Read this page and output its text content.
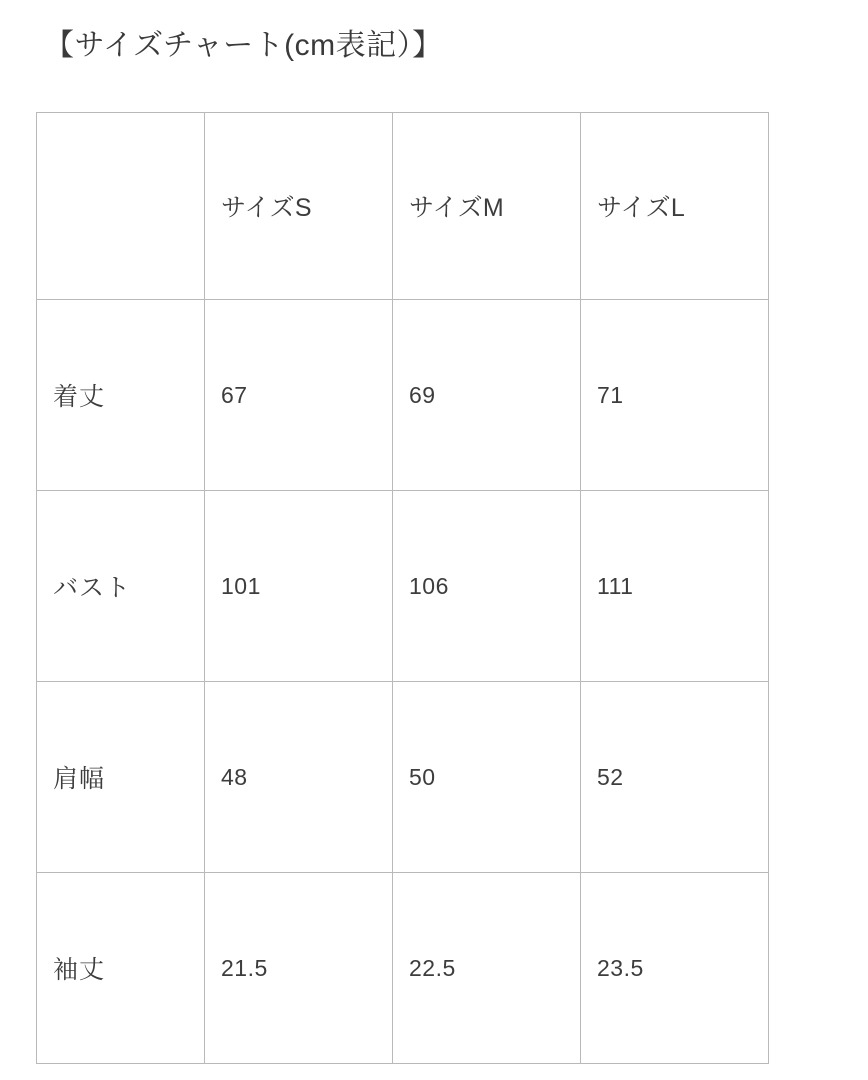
【サイズチャート(cm表記）】
	サイズS	サイズM	サイズL
着丈	67	69	71
バスト	101	106	111
肩幅	48	50	52
袖丈	21.5	22.5	23.5
